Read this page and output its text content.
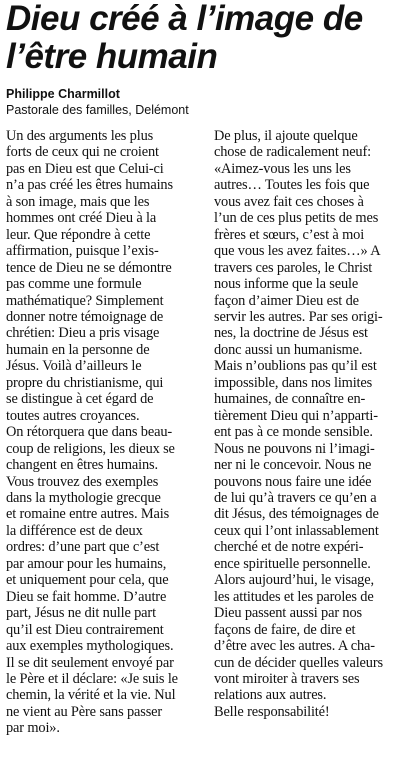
Dieu créé à l’image de
l’être humain
Philippe Charmillot
Pastorale des familles, Delémont
Un des arguments les plus
forts de ceux qui ne croient
pas en Dieu est que Celui-ci
n’a pas créé les êtres humains
à son image, mais que les
hommes ont créé Dieu à la
leur. Que répondre à cette
affirmation, puisque l’exis-
tence de Dieu ne se démontre
pas comme une formule
mathématique? Simplement
donner notre témoignage de
chrétien: Dieu a pris visage
humain en la personne de
Jésus. Voilà d’ailleurs le
propre du christianisme, qui
se distingue à cet égard de
toutes autres croyances.
On rétorquera que dans beau-
coup de religions, les dieux se
changent en êtres humains.
Vous trouvez des exemples
dans la mythologie grecque
et romaine entre autres. Mais
la différence est de deux
ordres: d’une part que c’est
par amour pour les humains,
et uniquement pour cela, que
Dieu se fait homme. D’autre
part, Jésus ne dit nulle part
qu’il est Dieu contrairement
aux exemples mythologiques.
Il se dit seulement envoyé par
le Père et il déclare: «Je suis le
chemin, la vérité et la vie. Nul
ne vient au Père sans passer
par moi».
De plus, il ajoute quelque
chose de radicalement neuf:
«Aimez-vous les uns les
autres… Toutes les fois que
vous avez fait ces choses à
l’un de ces plus petits de mes
frères et sœurs, c’est à moi
que vous les avez faites…» A
travers ces paroles, le Christ
nous informe que la seule
façon d’aimer Dieu est de
servir les autres. Par ses origi-
nes, la doctrine de Jésus est
donc aussi un humanisme.
Mais n’oublions pas qu’il est
impossible, dans nos limites
humaines, de connaître en-
tièrement Dieu qui n’apparti-
ent pas à ce monde sensible.
Nous ne pouvons ni l’imagi-
ner ni le concevoir. Nous ne
pouvons nous faire une idée
de lui qu’à travers ce qu’en a
dit Jésus, des témoignages de
ceux qui l’ont inlassablement
cherché et de notre expéri-
ence spirituelle personnelle.
Alors aujourd’hui, le visage,
les attitudes et les paroles de
Dieu passent aussi par nos
façons de faire, de dire et
d’être avec les autres. A cha-
cun de décider quelles valeurs
vont miroiter à travers ses
relations aux autres.
Belle responsabilité!
